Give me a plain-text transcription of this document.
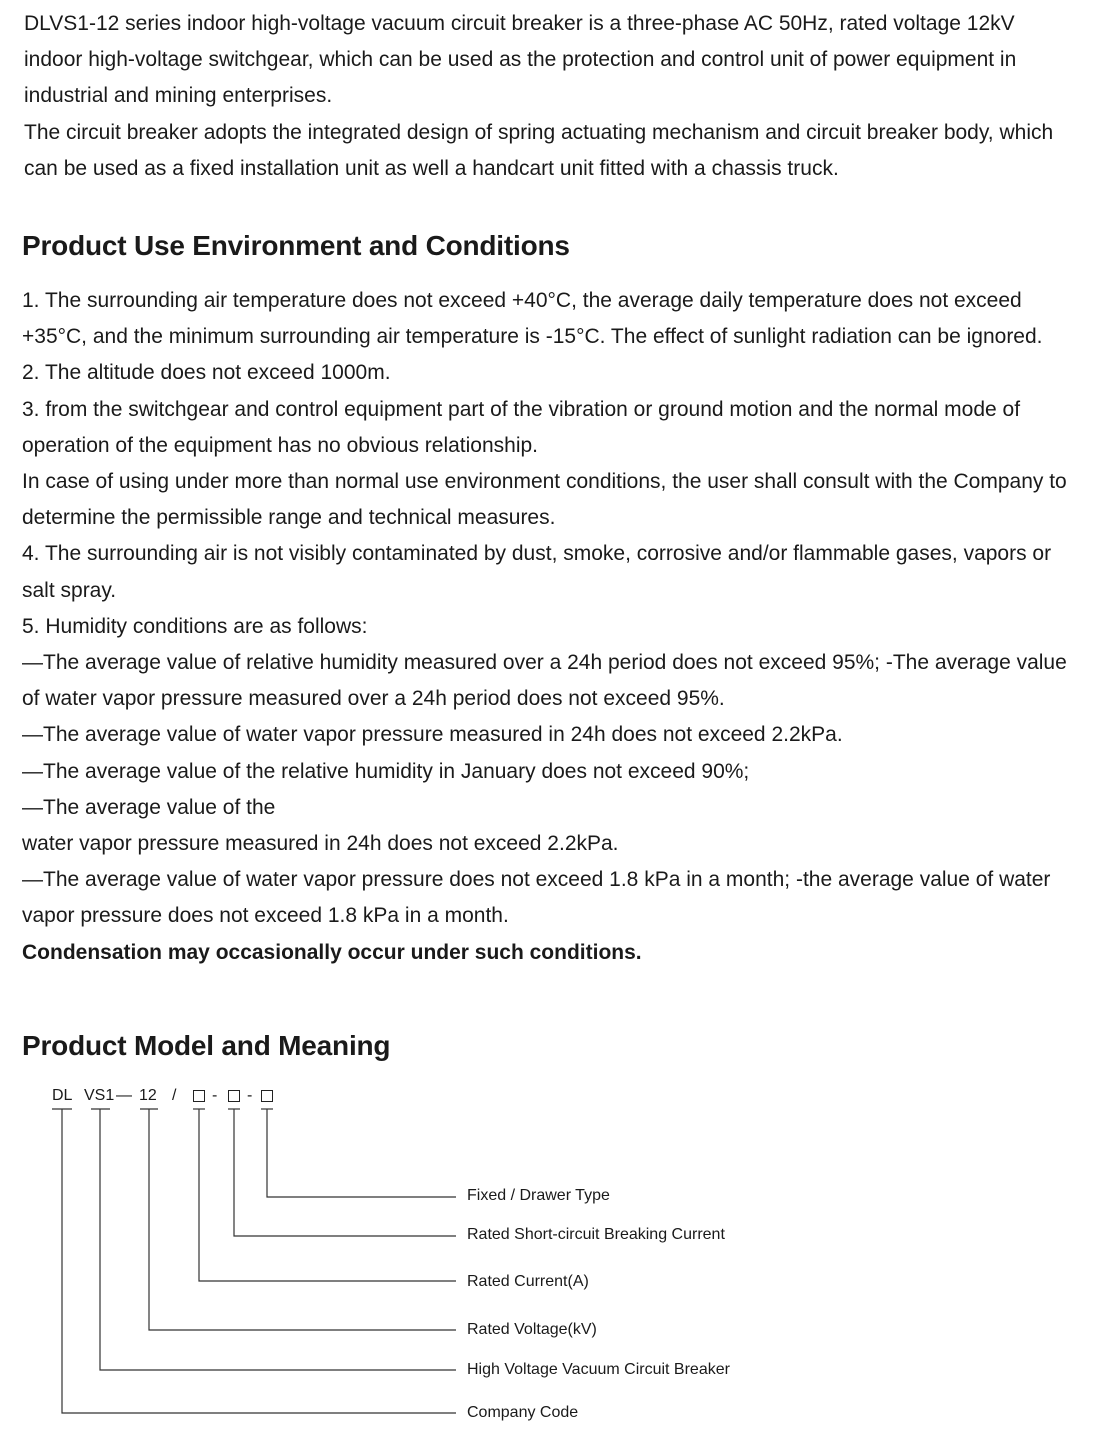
DLVS1-12 series indoor high-voltage vacuum circuit breaker is a three-phase AC 50Hz, rated voltage 12kV indoor high-voltage switchgear, which can be used as the protection and control unit of power equipment in industrial and mining enterprises.

The circuit breaker adopts the integrated design of spring actuating mechanism and circuit breaker body, which can be used as a fixed installation unit as well a handcart unit fitted with a chassis truck.

Product Use Environment and Conditions

1. The surrounding air temperature does not exceed +40°C, the average daily temperature does not exceed +35°C, and the minimum surrounding air temperature is -15°C. The effect of sunlight radiation can be ignored.

2. The altitude does not exceed 1000m.

3. from the switchgear and control equipment part of the vibration or ground motion and the normal mode of operation of the equipment has no obvious relationship.

In case of using under more than normal use environment conditions, the user shall consult with the Company to determine the permissible range and technical measures.

4. The surrounding air is not visibly contaminated by dust, smoke, corrosive and/or flammable gases, vapors or salt spray.

5. Humidity conditions are as follows:

—The average value of relative humidity measured over a 24h period does not exceed 95%; -The average value of water vapor pressure measured over a 24h period does not exceed 95%.

—The average value of water vapor pressure measured in 24h does not exceed 2.2kPa.

—The average value of the relative humidity in January does not exceed 90%;

—The average value of the

water vapor pressure measured in 24h does not exceed 2.2kPa.

—The average value of water vapor pressure does not exceed 1.8 kPa in a month; -the average value of water vapor pressure does not exceed 1.8 kPa in a month.

Condensation may occasionally occur under such conditions.

Product Model and Meaning
DL VS1 — 12 / - -
Fixed / Drawer Type
Rated Short-circuit Breaking Current
Rated Current(A)
Rated Voltage(kV)
High Voltage Vacuum Circuit Breaker
Company Code
